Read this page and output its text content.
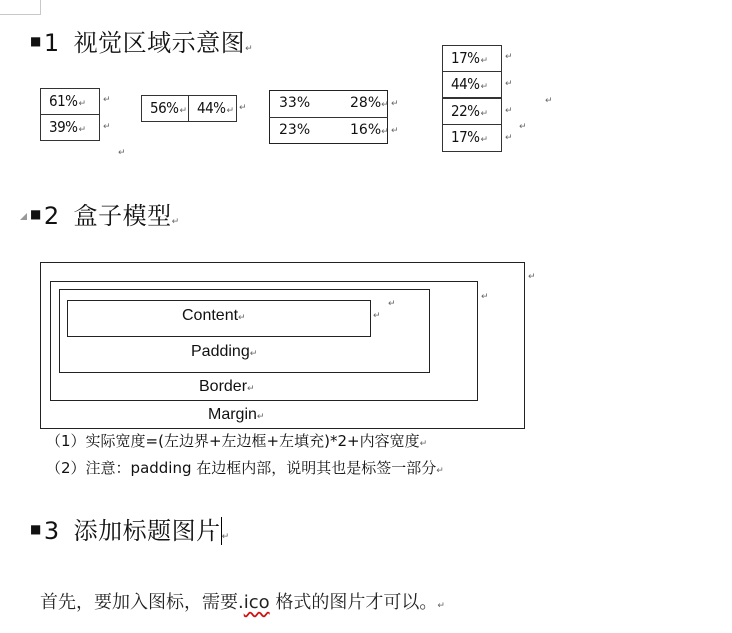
■1 视觉区域示意图↵
61%↵
39%↵
↵
↵
↵
56%↵ 44%↵ ↵ 33%	28%↵
23%	16%↵
↵
↵
17%↵
44%↵
22%↵
17%↵
↵
↵
↵
↵
↵
↵
■2 盒子模型↵
Content↵
Padding↵
Border↵
Margin↵
↵
↵
↵
↵
（1）实际宽度=(左边界+左边框+左填充)*2+内容宽度↵
（2）注意：padding 在边框内部，说明其也是标签一部分↵
■3 添加标题图片↵
首先，要加入图标，需要.ico 格式的图片才可以。↵
